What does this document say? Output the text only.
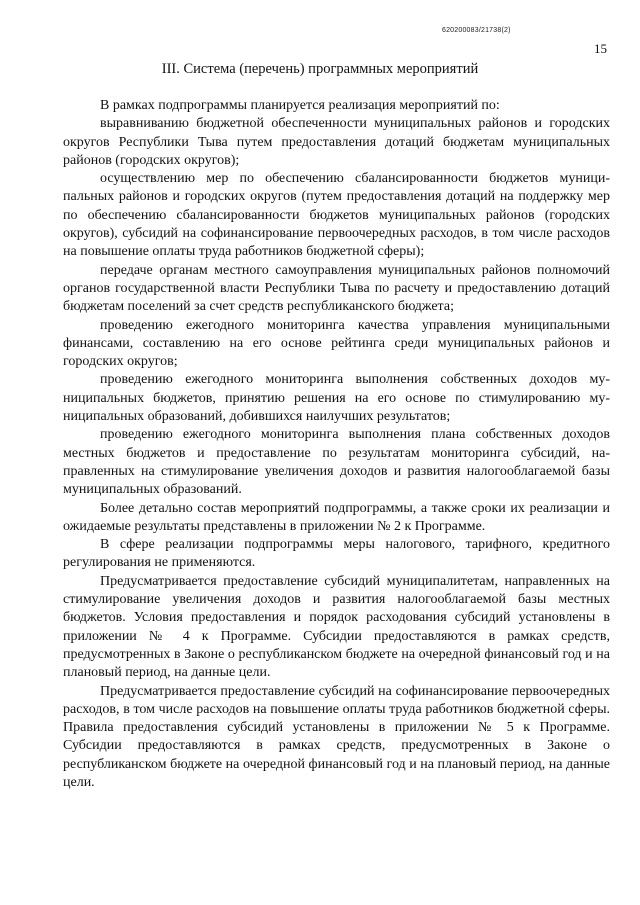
620200083/21738(2)
15
III. Система (перечень) программных мероприятий

В рамках подпрограммы планируется реализация мероприятий по:

выравниванию бюджетной обеспеченности муниципальных районов и городских округов Республики Тыва путем предоставления дотаций бюджетам муниципальных районов (городских округов);

осуществлению мер по обеспечению сбалансированности бюджетов муниципальных районов и городских округов (путем предоставления дотаций на поддержку мер по обеспечению сбалансированности бюджетов муниципальных районов (городских округов), субсидий на софинансирование первоочередных расходов, в том числе расходов на повышение оплаты труда работников бюджетной сферы);

передаче органам местного самоуправления муниципальных районов полномочий органов государственной власти Республики Тыва по расчету и предоставлению дотаций бюджетам поселений за счет средств республиканского бюджета;

проведению ежегодного мониторинга качества управления муниципальными финансами, составлению на его основе рейтинга среди муниципальных районов и городских округов;

проведению ежегодного мониторинга выполнения собственных доходов муниципальных бюджетов, принятию решения на его основе по стимулированию муниципальных образований, добившихся наилучших результатов;

проведению ежегодного мониторинга выполнения плана собственных доходов местных бюджетов и предоставление по результатам мониторинга субсидий, направленных на стимулирование увеличения доходов и развития налогооблагаемой базы муниципальных образований.

Более детально состав мероприятий подпрограммы, а также сроки их реализации и ожидаемые результаты представлены в приложении № 2 к Программе.

В сфере реализации подпрограммы меры налогового, тарифного, кредитного регулирования не применяются.

Предусматривается предоставление субсидий муниципалитетам, направленных на стимулирование увеличения доходов и развития налогооблагаемой базы местных бюджетов. Условия предоставления и порядок расходования субсидий установлены в приложении № 4 к Программе. Субсидии предоставляются в рамках средств, предусмотренных в Законе о республиканском бюджете на очередной финансовый год и на плановый период, на данные цели.

Предусматривается предоставление субсидий на софинансирование первоочередных расходов, в том числе расходов на повышение оплаты труда работников бюджетной сферы. Правила предоставления субсидий установлены в приложении № 5 к Программе. Субсидии предоставляются в рамках средств, предусмотренных в Законе о республиканском бюджете на очередной финансовый год и на плановый период, на данные цели.
